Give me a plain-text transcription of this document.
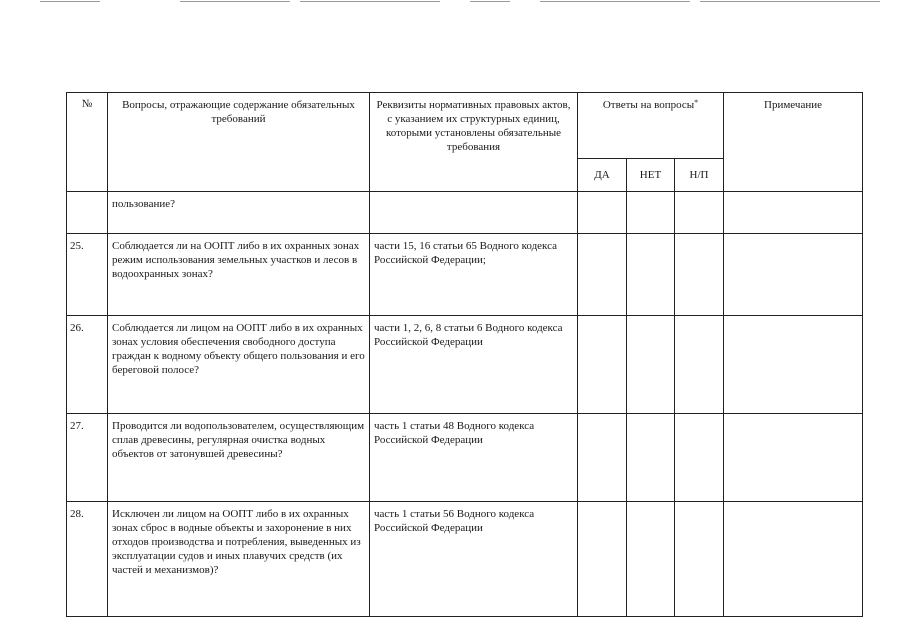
№	Вопросы, отражающие содержание обязательных требований	Реквизиты нормативных правовых актов, с указанием их структурных единиц, которыми установлены обязательные требования	Ответы на вопросы*			Примечание
			ДА	НЕТ	Н/П	
	пользование?					
25.	Соблюдается ли на ООПТ либо в их охранных зонах режим использования земельных участков и лесов в водоохранных зонах?	части 15, 16 статьи 65 Водного кодекса Российской Федерации;				
26.	Соблюдается ли лицом на ООПТ либо в их охранных зонах условия обеспечения свободного доступа граждан к водному объекту общего пользования и его береговой полосе?	части 1, 2, 6, 8 статьи 6 Водного кодекса Российской Федерации				
27.	Проводится ли водопользователем, осуществляющим сплав древесины, регулярная очистка водных объектов от затонувшей древесины?	часть 1 статьи 48 Водного кодекса Российской Федерации				
28.	Исключен ли лицом на ООПТ либо в их охранных зонах сброс в водные объекты и захоронение в них отходов производства и потребления, выведенных из эксплуатации судов и иных плавучих средств (их частей и механизмов)?	часть 1 статьи 56 Водного кодекса Российской Федерации				
